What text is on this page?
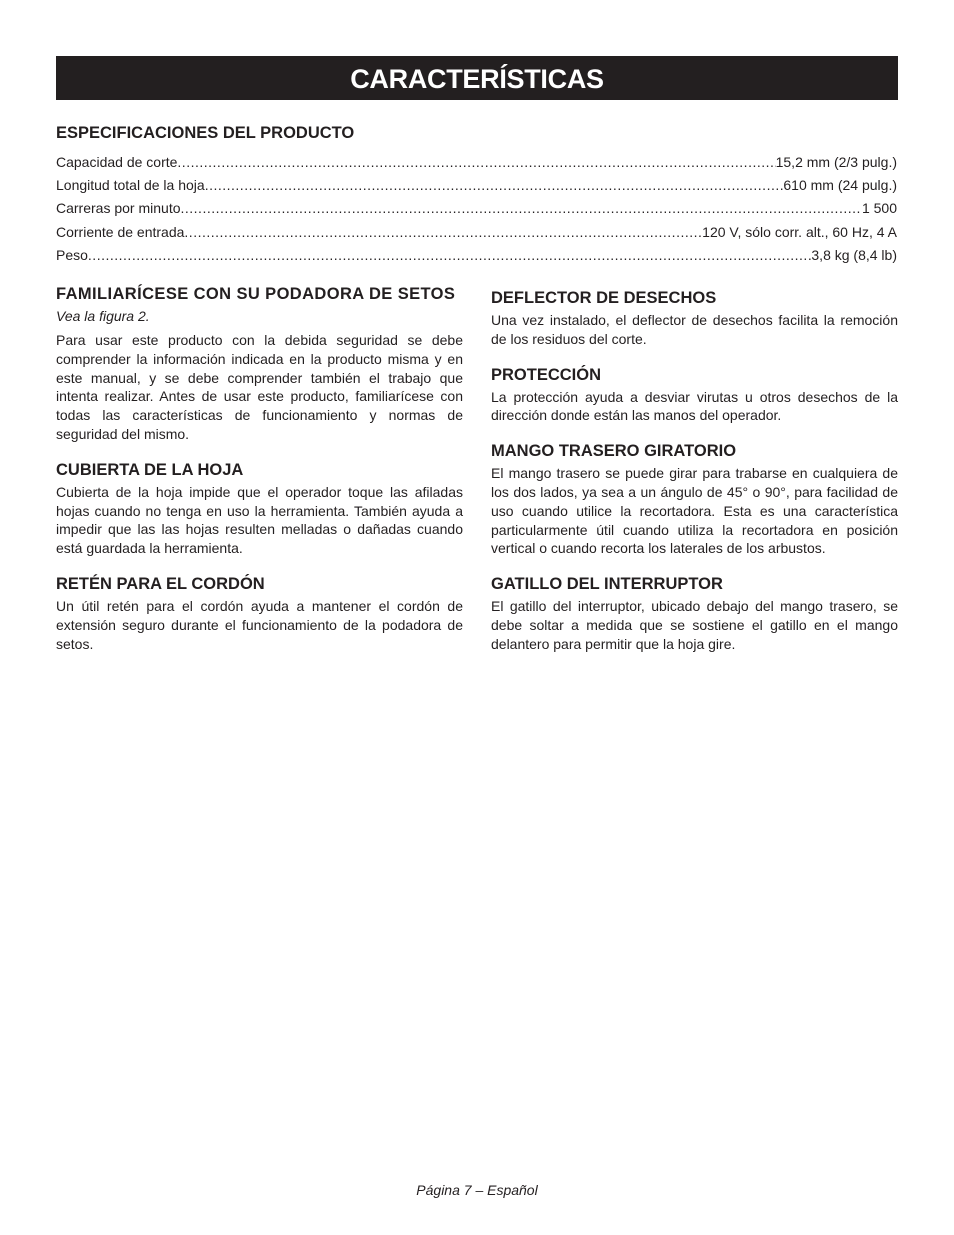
CARACTERÍSTICAS
ESPECIFICACIONES DEL PRODUCTO
Capacidad de corte .....	15,2 mm (2/3 pulg.)
Longitud total de la hoja .....	610 mm (24 pulg.)
Carreras por minuto .....	1 500
Corriente de entrada .....	120 V, sólo corr. alt., 60 Hz, 4 A
Peso .....	3,8 kg (8,4 lb)
FAMILIARÍCESE CON SU PODADORA DE SETOS

Vea la figura 2.

Para usar este producto con la debida seguridad se debe comprender la información indicada en la producto misma y en este manual, y se debe comprender también el trabajo que intenta realizar. Antes de usar este producto, familiarícese con todas las características de funcionamiento y normas de seguridad del mismo.

CUBIERTA DE LA HOJA

Cubierta de la hoja impide que el operador toque las afiladas hojas cuando no tenga en uso la herramienta. También ayuda a impedir que las las hojas resulten melladas o dañadas cuando está guardada la herramienta.

RETÉN PARA EL CORDÓN

Un útil retén para el cordón ayuda a mantener el cordón de extensión seguro durante el funcionamiento de la podadora de setos.

DEFLECTOR DE DESECHOS

Una vez instalado, el deflector de desechos facilita la remoción de los residuos del corte.

PROTECCIÓN

La protección ayuda a desviar virutas u otros desechos de la dirección donde están las manos del operador.

MANGO TRASERO GIRATORIO

El mango trasero se puede girar para trabarse en cualquiera de los dos lados, ya sea a un ángulo de 45° o 90°, para facilidad de uso cuando utilice la recortadora. Esta es una característica particularmente útil cuando utiliza la recortadora en posición vertical o cuando recorta los laterales de los arbustos.

GATILLO DEL INTERRUPTOR

El gatillo del interruptor, ubicado debajo del mango trasero, se debe soltar a medida que se sostiene el gatillo en el mango delantero para permitir que la hoja gire.

Página 7 – Español
